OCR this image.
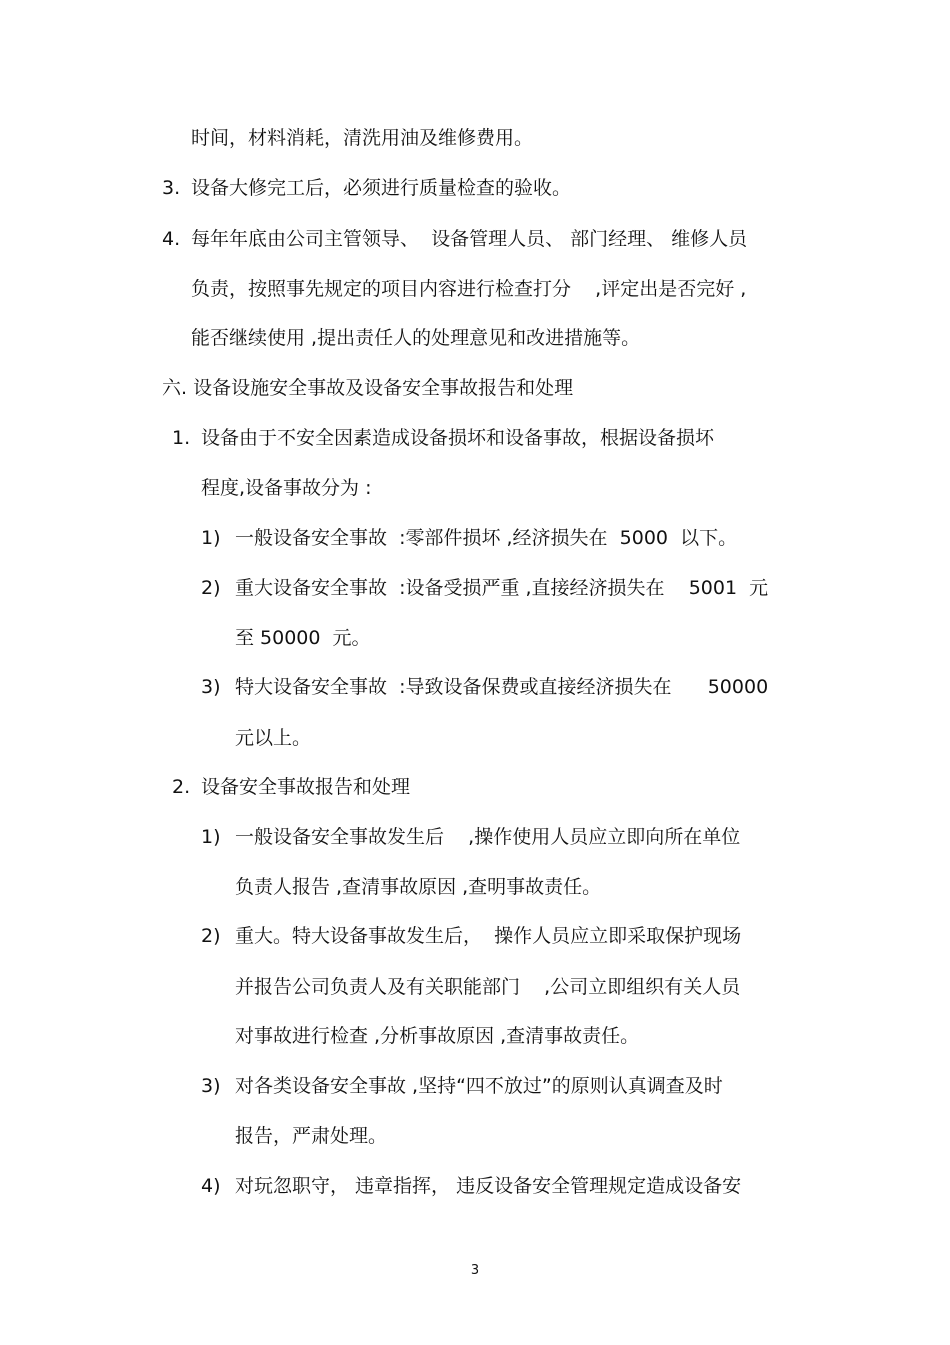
时间，材料消耗，清洗用油及维修费用。
3. 设备大修完工后，必须进行质量检查的验收。
4. 每年年底由公司主管领导、  设备管理人员、 部门经理、 维修人员
负责，按照事先规定的项目内容进行检查打分    ,评定出是否完好 ,
能否继续使用 ,提出责任人的处理意见和改进措施等。
六. 设备设施安全事故及设备安全事故报告和处理
1. 设备由于不安全因素造成设备损坏和设备事故，根据设备损坏
程度,设备事故分为 :
1) 一般设备安全事故  :零部件损坏 ,经济损失在  5000  以下。
2) 重大设备安全事故  :设备受损严重 ,直接经济损失在    5001  元
至 50000  元。
3) 特大设备安全事故  :导致设备保费或直接经济损失在      50000
元以上。
2. 设备安全事故报告和处理
1) 一般设备安全事故发生后    ,操作使用人员应立即向所在单位
负责人报告 ,查清事故原因 ,查明事故责任。
2) 重大。特大设备事故发生后，  操作人员应立即采取保护现场
并报告公司负责人及有关职能部门    ,公司立即组织有关人员
对事故进行检查 ,分析事故原因 ,查清事故责任。
3) 对各类设备安全事故 ,坚持“四不放过”的原则认真调查及时
报告，严肃处理。
4) 对玩忽职守， 违章指挥， 违反设备安全管理规定造成设备安
3
